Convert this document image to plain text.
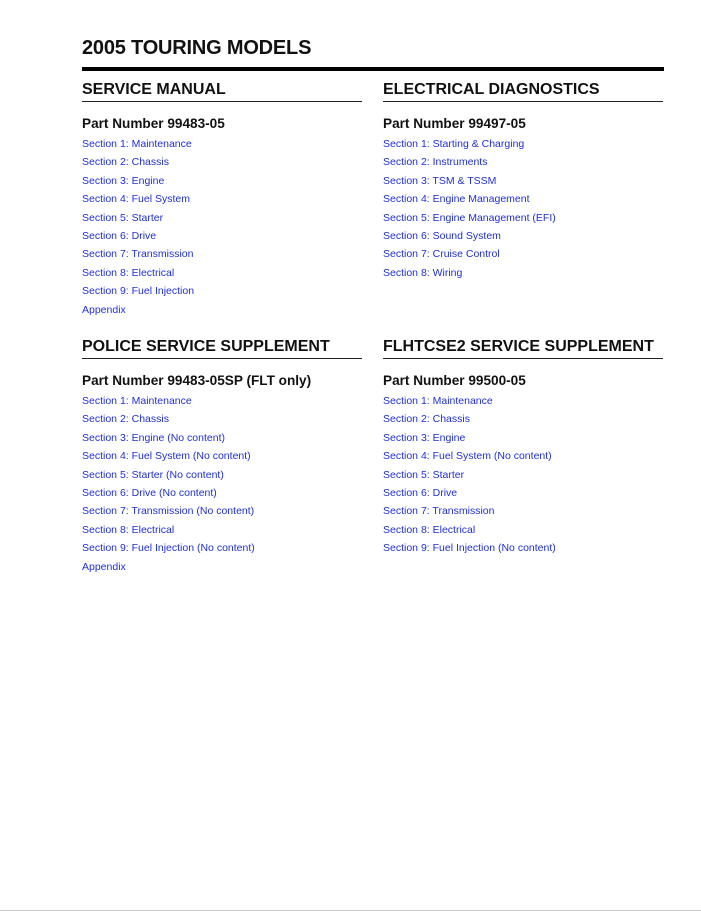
2005 TOURING MODELS
SERVICE MANUAL
Part Number 99483-05
Section 1: Maintenance
Section 2: Chassis
Section 3: Engine
Section 4: Fuel System
Section 5: Starter
Section 6: Drive
Section 7: Transmission
Section 8: Electrical
Section 9: Fuel Injection
Appendix
ELECTRICAL DIAGNOSTICS
Part Number 99497-05
Section 1: Starting & Charging
Section 2: Instruments
Section 3: TSM & TSSM
Section 4: Engine Management
Section 5: Engine Management (EFI)
Section 6: Sound System
Section 7: Cruise Control
Section 8: Wiring
POLICE SERVICE SUPPLEMENT
Part Number 99483-05SP (FLT only)
Section 1: Maintenance
Section 2: Chassis
Section 3: Engine (No content)
Section 4: Fuel System (No content)
Section 5: Starter (No content)
Section 6: Drive (No content)
Section 7: Transmission (No content)
Section 8: Electrical
Section 9: Fuel Injection (No content)
Appendix
FLHTCSE2 SERVICE SUPPLEMENT
Part Number 99500-05
Section 1: Maintenance
Section 2: Chassis
Section 3: Engine
Section 4: Fuel System (No content)
Section 5: Starter
Section 6: Drive
Section 7: Transmission
Section 8: Electrical
Section 9: Fuel Injection (No content)
